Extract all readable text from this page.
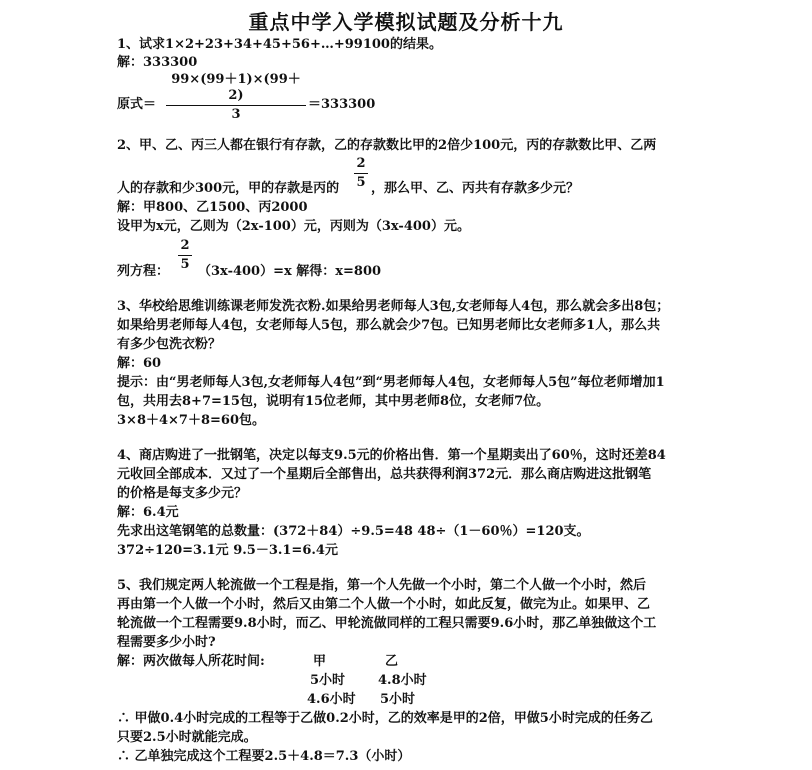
重点中学入学模拟试题及分析十九
1、试求1×2+23+34+45+56+…+99100的结果。
解：333300
原式＝
99×(99＋1)×(99＋2)
3
＝333300
2、甲、乙、丙三人都在银行有存款，乙的存款数比甲的2倍少100元，丙的存款数比甲、乙两
2
5
人的存款和少300元，甲的存款是丙的 ，那么甲、乙、丙共有存款多少元？
解：甲800、乙1500、丙2000
设甲为x元，乙则为（2x-100）元，丙则为（3x-400）元。
2
5
列方程： （3x-400）=x 解得：x=800
3、华校给思维训练课老师发洗衣粉.如果给男老师每人3包,女老师每人4包，那么就会多出8包；
如果给男老师每人4包，女老师每人5包，那么就会少7包。已知男老师比女老师多1人，那么共
有多少包洗衣粉？
解：60
提示：由“男老师每人3包,女老师每人4包”到“男老师每人4包，女老师每人5包”每位老师增加1
包，共用去8+7=15包，说明有15位老师，其中男老师8位，女老师7位。
3×8＋4×7＋8=60包。
4、商店购进了一批钢笔，决定以每支9.5元的价格出售．第一个星期卖出了60％，这时还差84
元收回全部成本．又过了一个星期后全部售出，总共获得利润372元．那么商店购进这批钢笔
的价格是每支多少元？
解：6.4元
先求出这笔钢笔的总数量：(372＋84）÷9.5=48 48÷（1－60％）=120支。
372÷120=3.1元 9.5－3.1=6.4元
5、我们规定两人轮流做一个工程是指，第一个人先做一个小时，第二个人做一个小时，然后
再由第一个人做一个小时，然后又由第二个人做一个小时，如此反复，做完为止。如果甲、乙
轮流做一个工程需要9.8小时，而乙、甲轮流做同样的工程只需要9.6小时，那乙单独做这个工
程需要多少小时?
解：两次做每人所花时间:	甲	乙
5小时	4.8小时
4.6小时 5小时
∴ 甲做0.4小时完成的工程等于乙做0.2小时，乙的效率是甲的2倍，甲做5小时完成的任务乙
只要2.5小时就能完成。
∴ 乙单独完成这个工程要2.5＋4.8＝7.3（小时）
